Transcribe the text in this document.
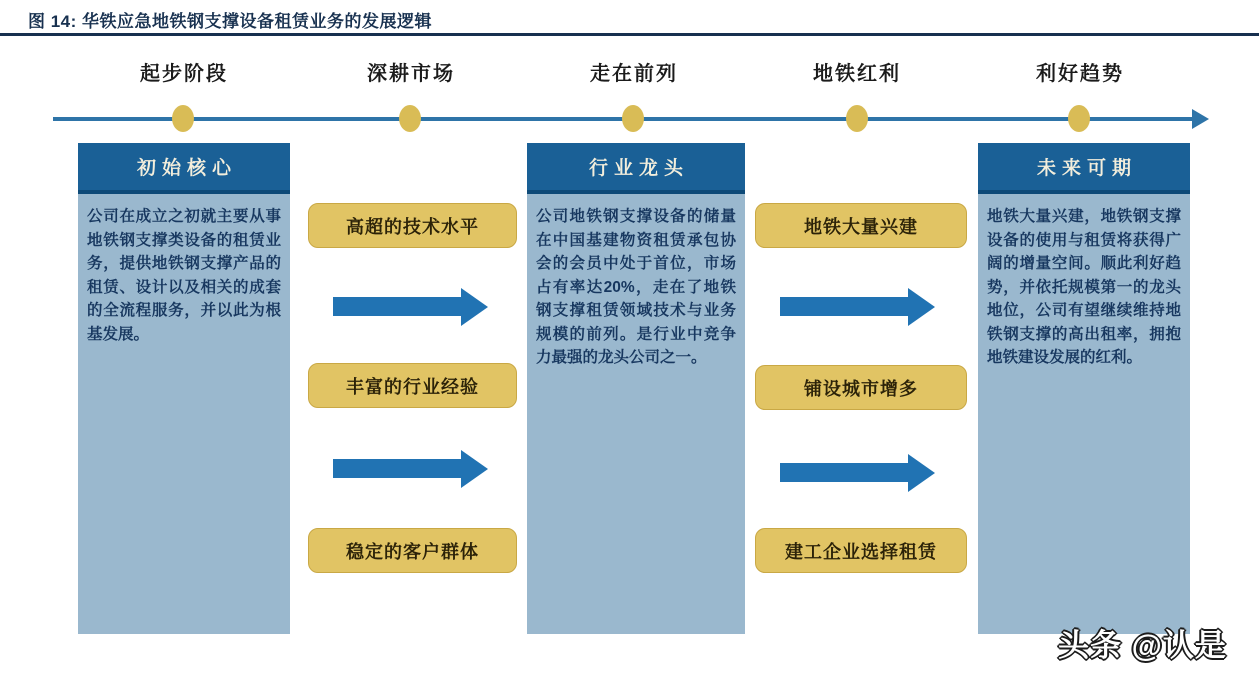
图 14: 华铁应急地铁钢支撑设备租赁业务的发展逻辑
起步阶段	深耕市场	走在前列	地铁红利	利好趋势
初始核心
公司在成立之初就主要从事地铁钢支撑类设备的租赁业务，提供地铁钢支撑产品的租赁、设计以及相关的成套的全流程服务，并以此为根基发展。
高超的技术水平
丰富的行业经验
稳定的客户群体
行业龙头
公司地铁钢支撑设备的储量在中国基建物资租赁承包协会的会员中处于首位，市场占有率达20%，走在了地铁钢支撑租赁领域技术与业务规模的前列。是行业中竞争力最强的龙头公司之一。
地铁大量兴建
铺设城市增多
建工企业选择租赁
未来可期
地铁大量兴建，地铁钢支撑设备的使用与租赁将获得广阔的增量空间。顺此利好趋势，并依托规模第一的龙头地位，公司有望继续维持地铁钢支撑的高出租率，拥抱地铁建设发展的红利。
头条 @认是
